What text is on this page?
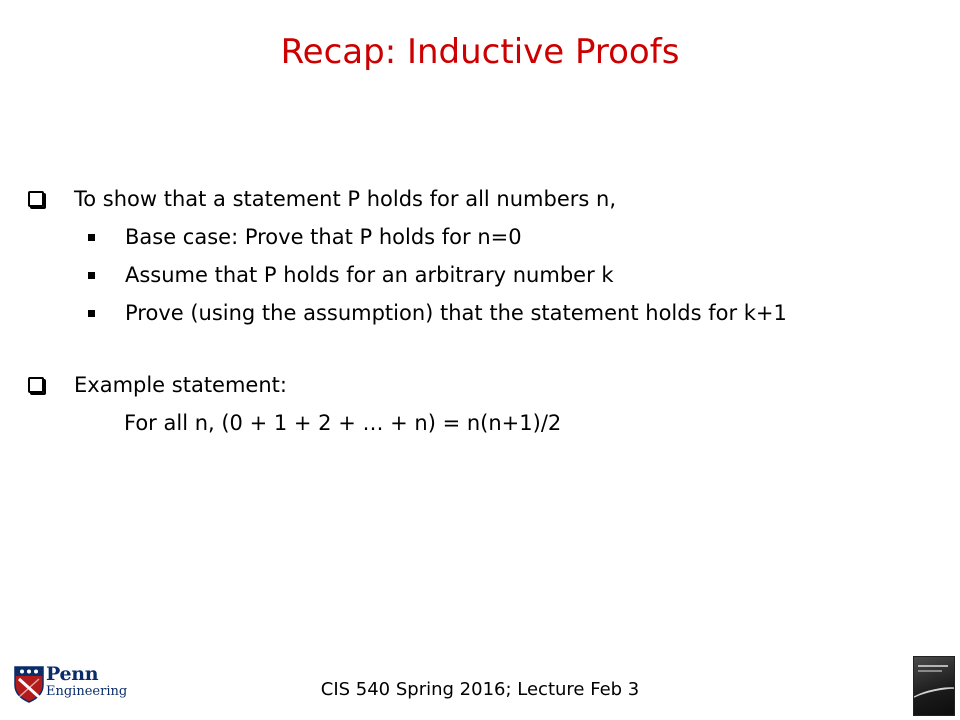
Recap: Inductive Proofs
To show that a statement P holds for all numbers n,
Base case: Prove that P holds for n=0
Assume that P holds for an arbitrary number k
Prove (using the assumption) that the statement holds for k+1
Example statement:
For all n, (0 + 1 + 2 + … + n) = n(n+1)/2
Penn
Engineering	CIS 540 Spring 2016; Lecture Feb 3
